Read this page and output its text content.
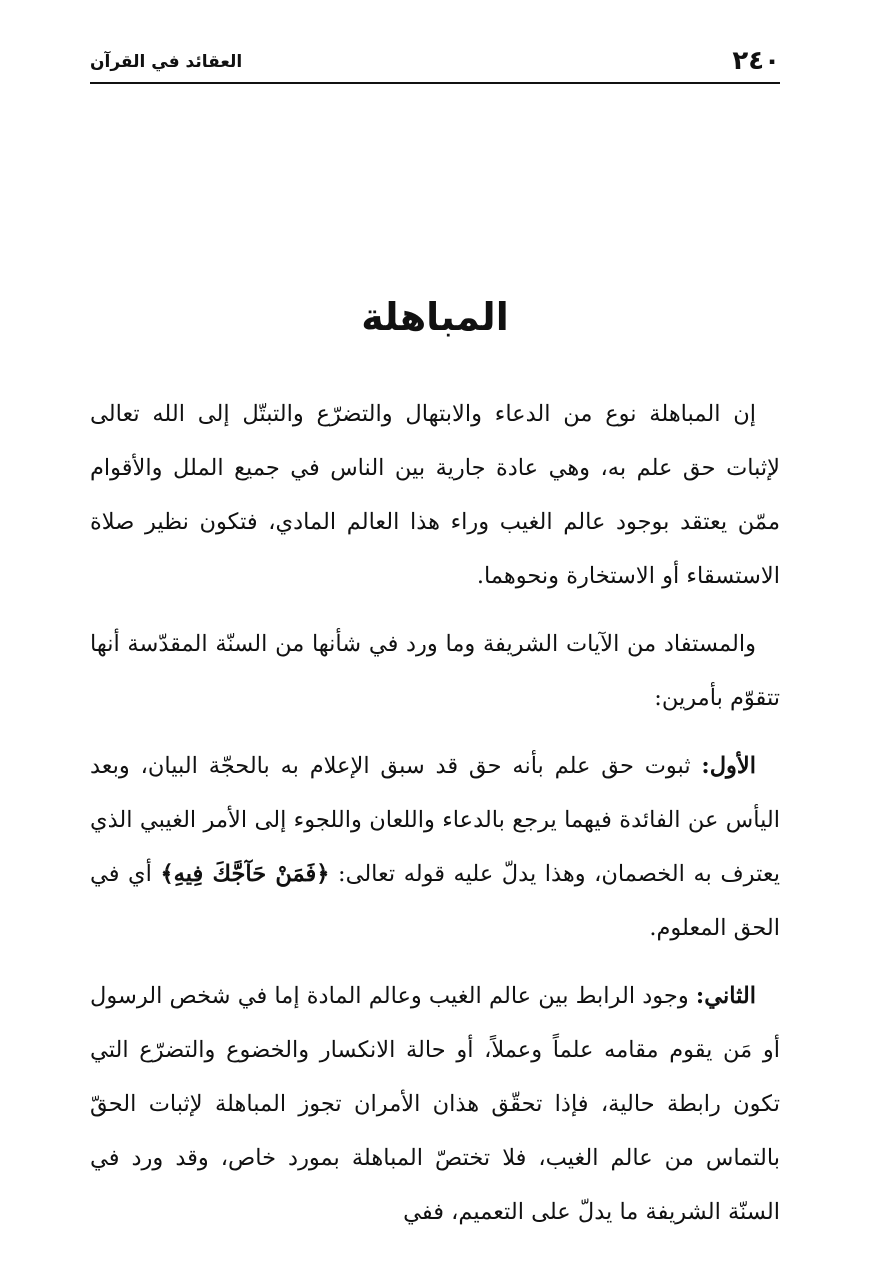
٢٤٠
العقائد في القرآن
المباهلة

إن المباهلة نوع من الدعاء والابتهال والتضرّع والتبتّل إلى الله تعالى لإثبات حق علم به، وهي عادة جارية بين الناس في جميع الملل والأقوام ممّن يعتقد بوجود عالم الغيب وراء هذا العالم المادي، فتكون نظير صلاة الاستسقاء أو الاستخارة ونحوهما.

والمستفاد من الآيات الشريفة وما ورد في شأنها من السنّة المقدّسة أنها تتقوّم بأمرين:

الأول: ثبوت حق علم بأنه حق قد سبق الإعلام به بالحجّة البيان، وبعد اليأس عن الفائدة فيهما يرجع بالدعاء واللعان واللجوء إلى الأمر الغيبي الذي يعترف به الخصمان، وهذا يدلّ عليه قوله تعالى: ﴿فَمَنْ حَآجَّكَ فِيهِ﴾ أي في الحق المعلوم.

الثاني: وجود الرابط بين عالم الغيب وعالم المادة إما في شخص الرسول أو مَن يقوم مقامه علماً وعملاً، أو حالة الانكسار والخضوع والتضرّع التي تكون رابطة حالية، فإذا تحقّق هذان الأمران تجوز المباهلة لإثبات الحقّ بالتماس من عالم الغيب، فلا تختصّ المباهلة بمورد خاص، وقد ورد في السنّة الشريفة ما يدلّ على التعميم، ففي
